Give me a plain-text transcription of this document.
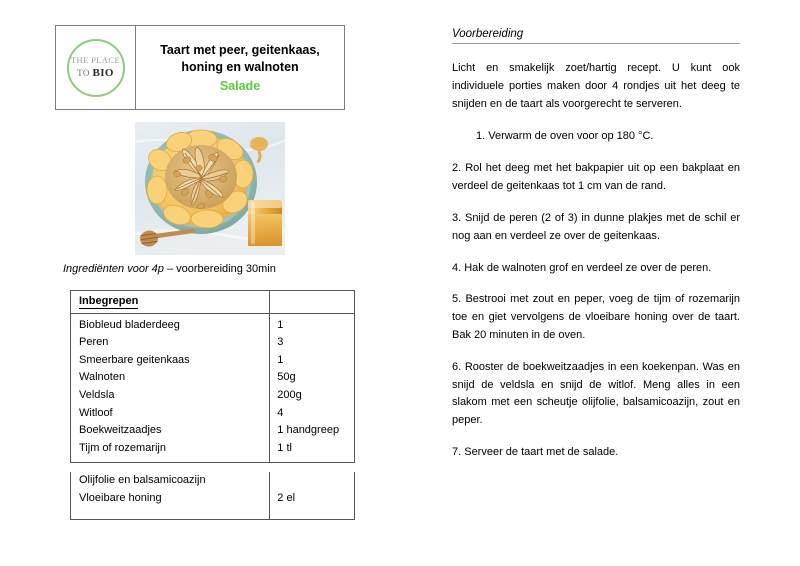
THE PLACE
TO BIO
Taart met peer, geitenkaas,
honing en walnoten
Salade
Ingrediënten voor 4p – voorbereiding 30min
Inbegrepen	
Biobleud bladerdeeg	1
Peren	3
Smeerbare geitenkaas	1
Walnoten	50g
Veldsla	200g
Witloof	4
Boekweitzaadjes	1 handgreep
Tijm of rozemarijn	1 tl

Olijfolie en balsamicoazijn	
Vloeibare honing	2 el
Voorbereiding
Licht en smakelijk zoet/hartig recept. U kunt ook individuele porties maken door 4 rondjes uit het deeg te snijden en de taart als voorgerecht te serveren.
1. Verwarm de oven voor op 180 °C.
2. Rol het deeg met het bakpapier uit op een bakplaat en verdeel de geitenkaas tot 1 cm van de rand.
3. Snijd de peren (2 of 3) in dunne plakjes met de schil er nog aan en verdeel ze over de geitenkaas.
4. Hak de walnoten grof en verdeel ze over de peren.
5. Bestrooi met zout en peper, voeg de tijm of rozemarijn toe en giet vervolgens de vloeibare honing over de taart. Bak 20 minuten in de oven.
6. Rooster de boekweitzaadjes in een koekenpan. Was en snijd de veldsla en snijd de witlof. Meng alles in een slakom met een scheutje olijfolie, balsamicoazijn, zout en peper.
7. Serveer de taart met de salade.
